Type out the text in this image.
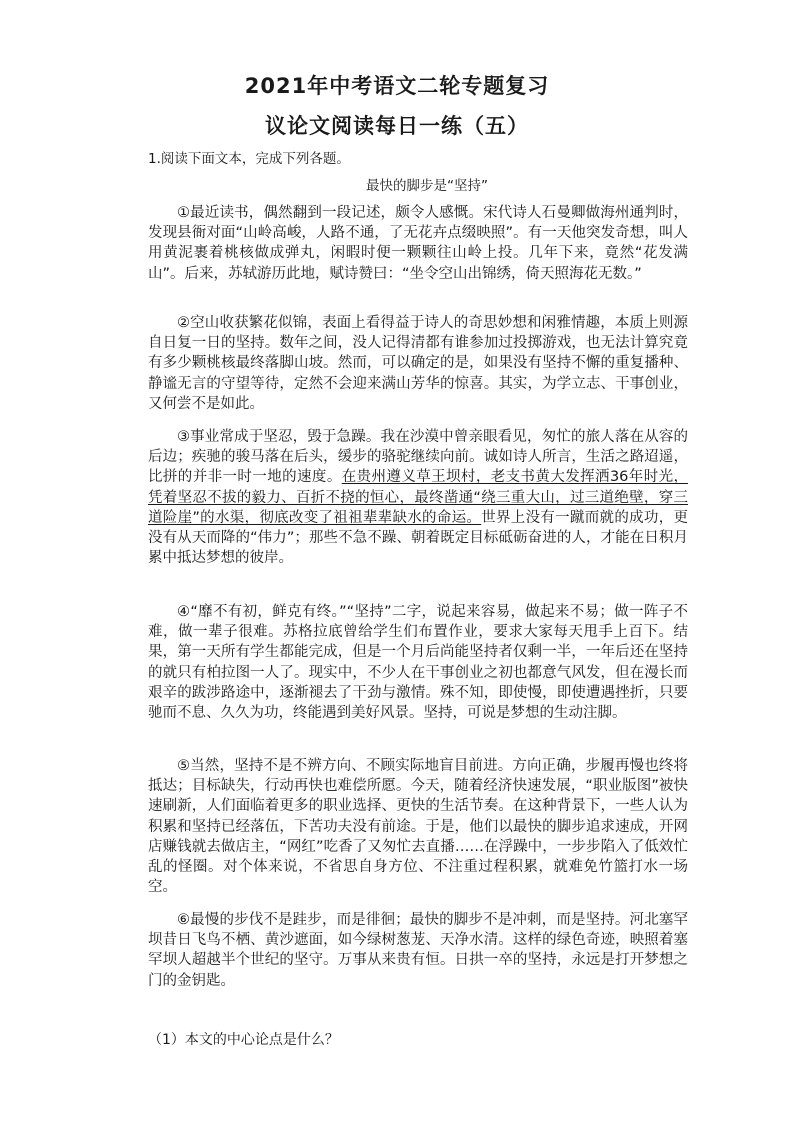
2021年中考语文二轮专题复习
议论文阅读每日一练（五）
1.阅读下面文本，完成下列各题。
最快的脚步是“坚持”

①最近读书，偶然翻到一段记述，颇令人感慨。宋代诗人石曼卿做海州通判时，发现县衙对面“山岭高峻，人路不通，了无花卉点缀映照”。有一天他突发奇想，叫人用黄泥裹着桃核做成弹丸，闲暇时便一颗颗往山岭上投。几年下来，竟然“花发满山”。后来，苏轼游历此地，赋诗赞曰：“坐令空山出锦绣，倚天照海花无数。”

②空山收获繁花似锦，表面上看得益于诗人的奇思妙想和闲雅情趣，本质上则源自日复一日的坚持。数年之间，没人记得清都有谁参加过投掷游戏，也无法计算究竟有多少颗桃核最终落脚山坡。然而，可以确定的是，如果没有坚持不懈的重复播种、静谧无言的守望等待，定然不会迎来满山芳华的惊喜。其实，为学立志、干事创业，又何尝不是如此。

③事业常成于坚忍，毁于急躁。我在沙漠中曾亲眼看见，匆忙的旅人落在从容的后边；疾驰的骏马落在后头，缓步的骆驼继续向前。诚如诗人所言，生活之路迢遥，比拼的并非一时一地的速度。在贵州遵义草王坝村，老支书黄大发挥洒36年时光，凭着坚忍不拔的毅力、百折不挠的恒心，最终凿通“绕三重大山，过三道绝壁，穿三道险崖”的水渠，彻底改变了祖祖辈辈缺水的命运。世界上没有一蹴而就的成功，更没有从天而降的“伟力”；那些不急不躁、朝着既定目标砥砺奋进的人，才能在日积月累中抵达梦想的彼岸。

④“靡不有初，鲜克有终。”“坚持”二字，说起来容易，做起来不易；做一阵子不难，做一辈子很难。苏格拉底曾给学生们布置作业，要求大家每天甩手上百下。结果，第一天所有学生都能完成，但是一个月后尚能坚持者仅剩一半，一年后还在坚持的就只有柏拉图一人了。现实中，不少人在干事创业之初也都意气风发，但在漫长而艰辛的跋涉路途中，逐渐褪去了干劲与激情。殊不知，即使慢，即使遭遇挫折，只要驰而不息、久久为功，终能遇到美好风景。坚持，可说是梦想的生动注脚。

⑤当然，坚持不是不辨方向、不顾实际地盲目前进。方向正确，步履再慢也终将抵达；目标缺失，行动再快也难偿所愿。今天，随着经济快速发展，“职业版图”被快速刷新，人们面临着更多的职业选择、更快的生活节奏。在这种背景下，一些人认为积累和坚持已经落伍，下苦功夫没有前途。于是，他们以最快的脚步追求速成，开网店赚钱就去做店主，“网红”吃香了又匆忙去直播……在浮躁中，一步步陷入了低效忙乱的怪圈。对个体来说，不省思自身方位、不注重过程积累，就难免竹篮打水一场空。

⑥最慢的步伐不是跬步，而是徘徊；最快的脚步不是冲刺，而是坚持。河北塞罕坝昔日飞鸟不栖、黄沙遮面，如今绿树葱茏、天净水清。这样的绿色奇迹，映照着塞罕坝人超越半个世纪的坚守。万事从来贵有恒。日拱一卒的坚持，永远是打开梦想之门的金钥匙。

（1）本文的中心论点是什么？
